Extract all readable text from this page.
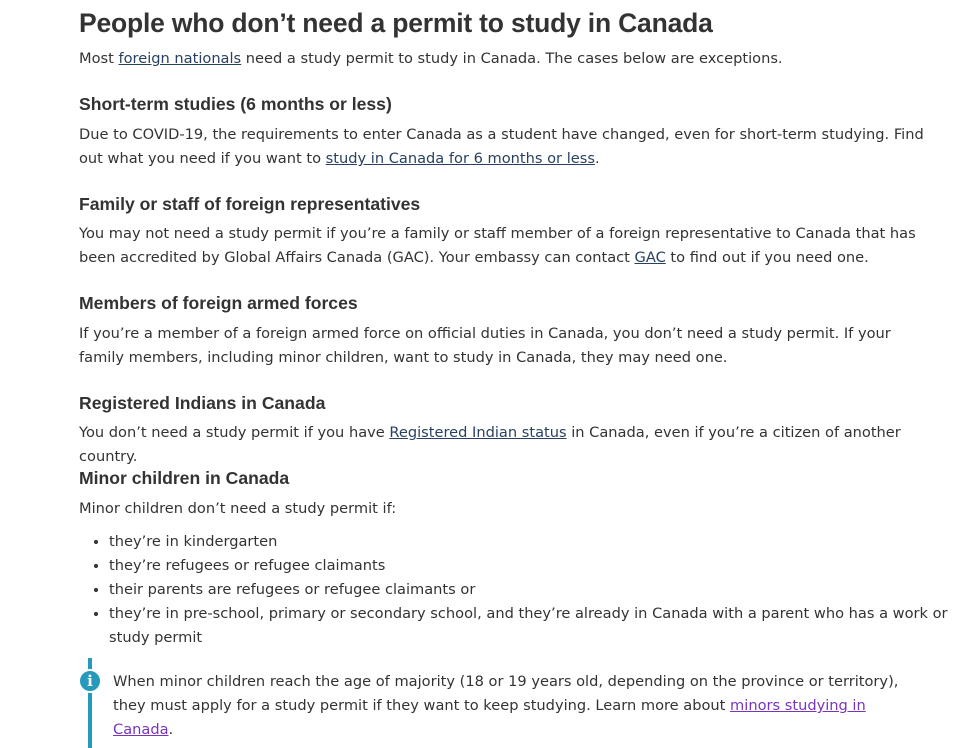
People who don’t need a permit to study in Canada

Most foreign nationals need a study permit to study in Canada. The cases below are exceptions.

Short-term studies (6 months or less)

Due to COVID-19, the requirements to enter Canada as a student have changed, even for short-term studying. Find out what you need if you want to study in Canada for 6 months or less.

Family or staff of foreign representatives

You may not need a study permit if you’re a family or staff member of a foreign representative to Canada that has been accredited by Global Affairs Canada (GAC). Your embassy can contact GAC to find out if you need one.

Members of foreign armed forces

If you’re a member of a foreign armed force on official duties in Canada, you don’t need a study permit. If your family members, including minor children, want to study in Canada, they may need one.

Registered Indians in Canada

You don’t need a study permit if you have Registered Indian status in Canada, even if you’re a citizen of another country.

Minor children in Canada

Minor children don’t need a study permit if:

• they’re in kindergarten
• they’re refugees or refugee claimants
• their parents are refugees or refugee claimants or
• they’re in pre-school, primary or secondary school, and they’re already in Canada with a parent who has a work or study permit
i	When minor children reach the age of majority (18 or 19 years old, depending on the province or territory), they must apply for a study permit if they want to keep studying. Learn more about minors studying in Canada.
